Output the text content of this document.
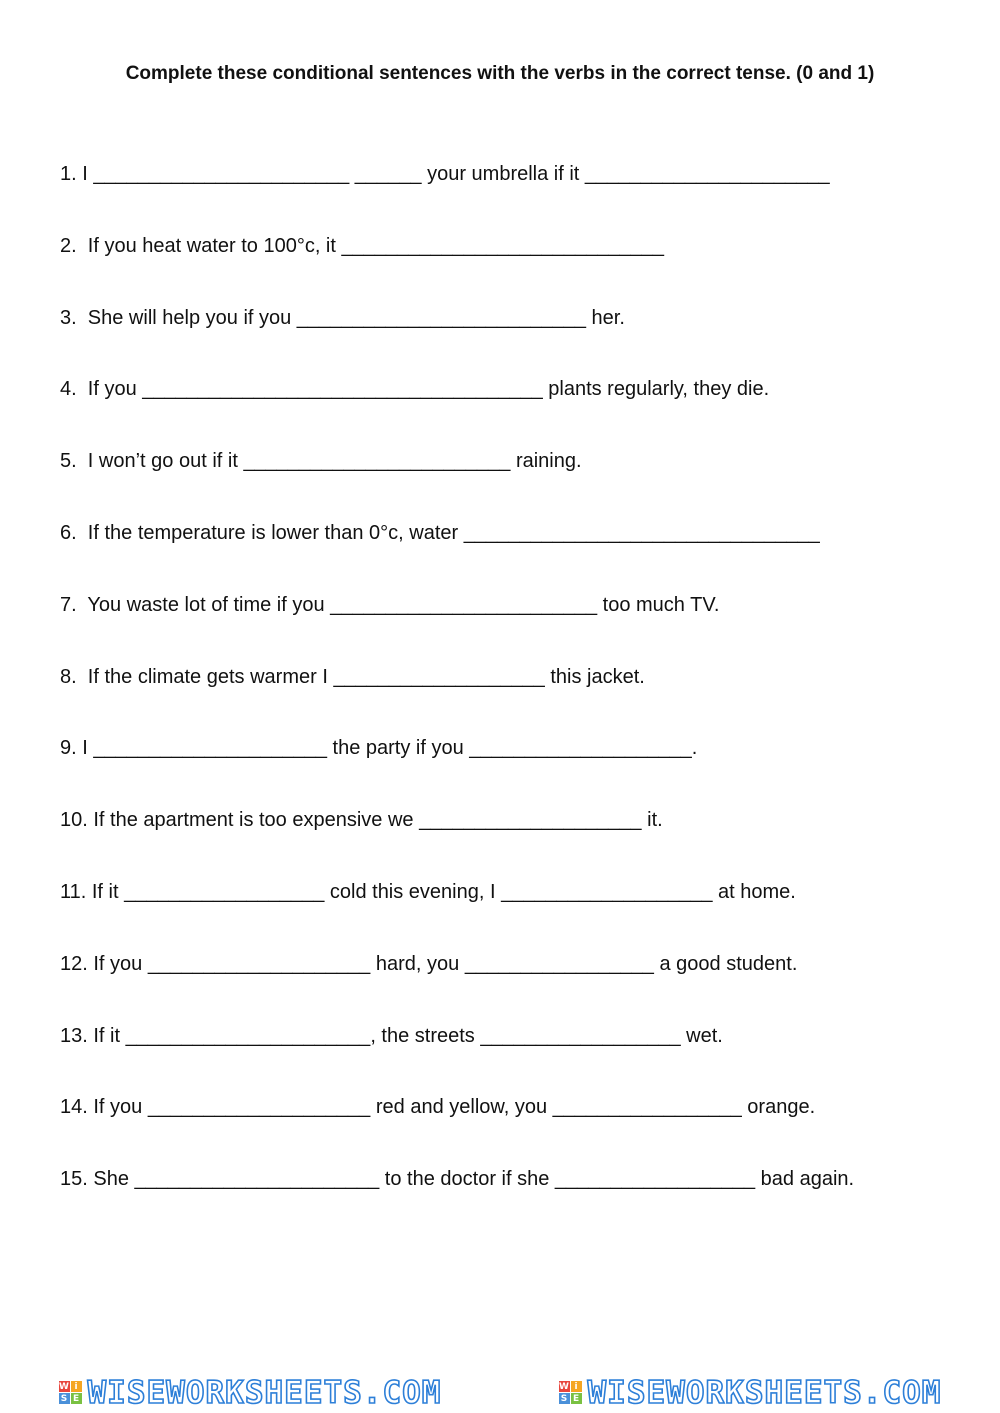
Complete these conditional sentences with the verbs in the correct tense. (0 and 1)
1. I _______________________ ______ your umbrella if it ______________________
2.  If you heat water to 100°c, it _____________________________
3.  She will help you if you __________________________ her.
4.  If you ____________________________________ plants regularly, they die.
5.  I won’t go out if it ________________________ raining.
6.  If the temperature is lower than 0°c, water ________________________________
7.  You waste lot of time if you ________________________ too much TV.
8.  If the climate gets warmer I ___________________ this jacket.
9. I _____________________ the party if you ____________________.
10. If the apartment is too expensive we ____________________ it.
11. If it __________________ cold this evening, I ___________________ at home.
12. If you ____________________ hard, you _________________ a good student.
13. If it ______________________, the streets __________________ wet.
14. If you ____________________ red and yellow, you _________________ orange.
15. She ______________________ to the doctor if she __________________ bad again.
W i
S E WISEWORKSHEETS.COM	W i
S E WISEWORKSHEETS.COM
